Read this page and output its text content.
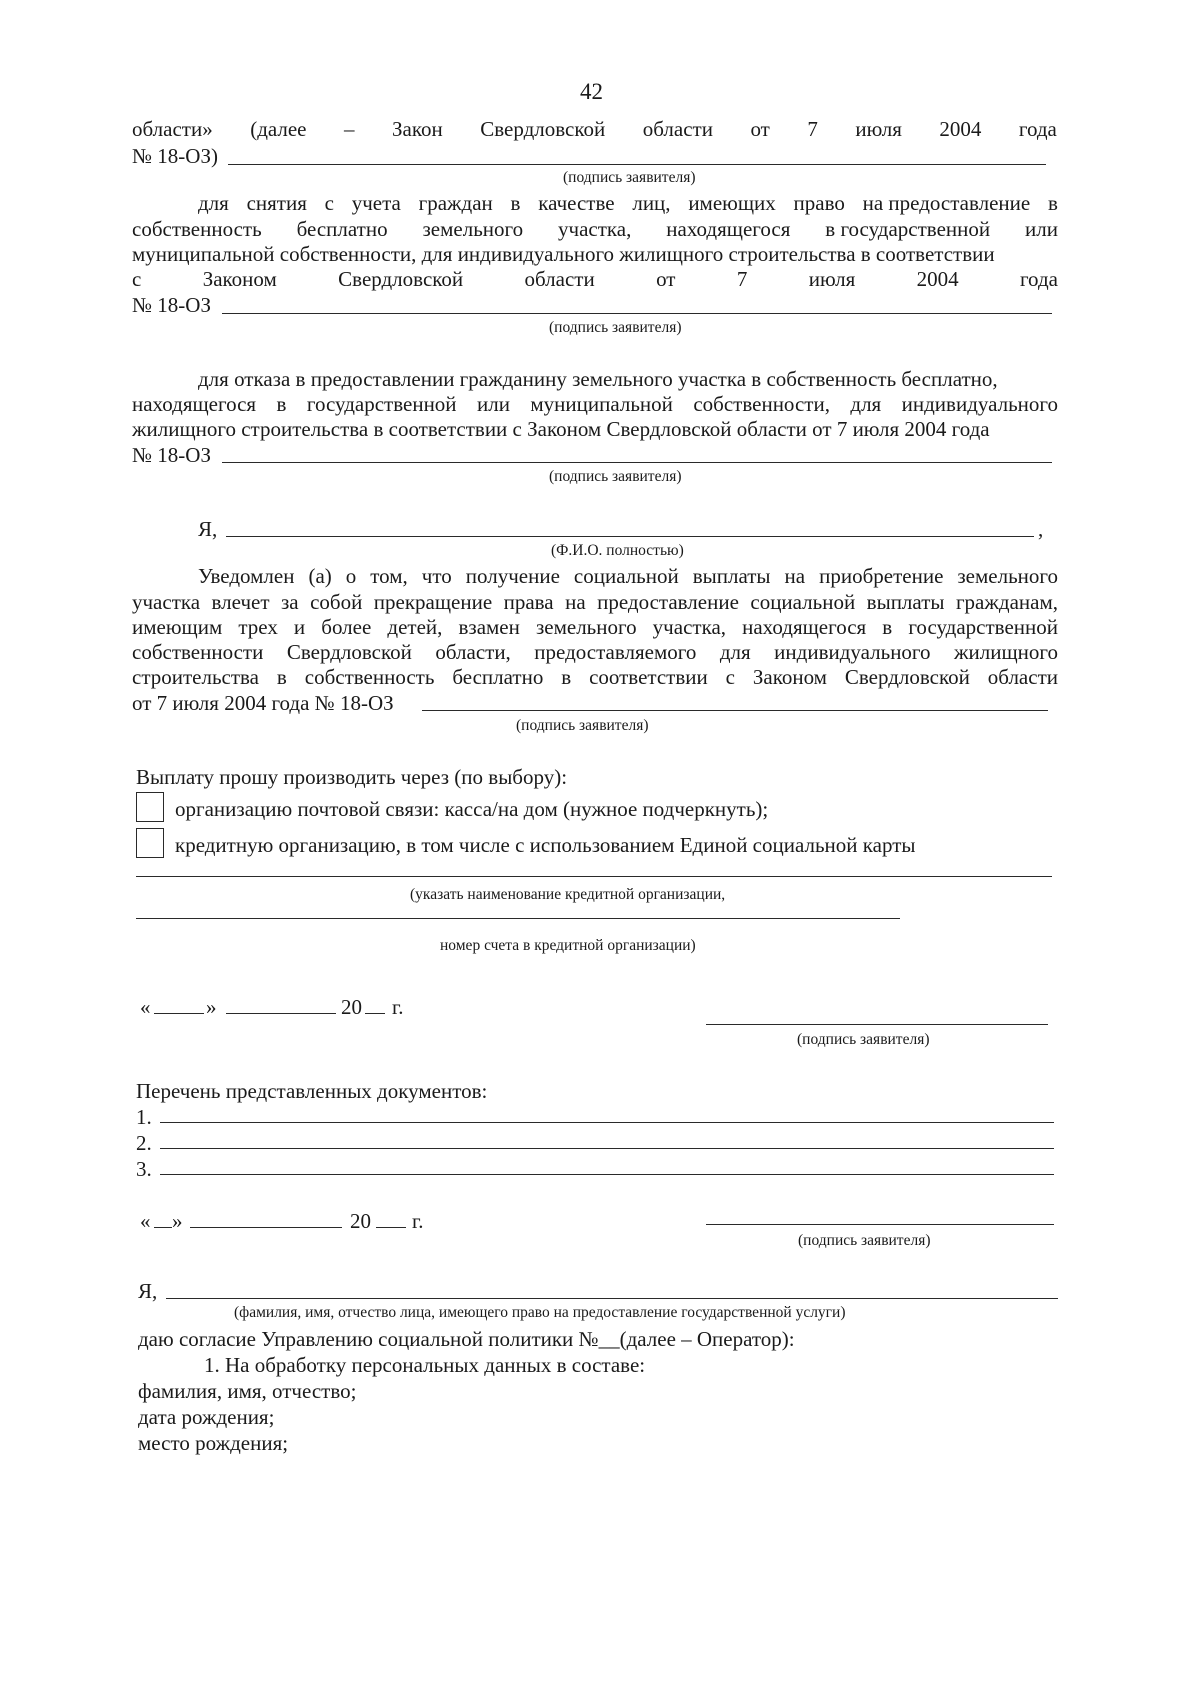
42
области» (далее – Закон Свердловской области от 7 июля 2004 года
№ 18-ОЗ)
(подпись заявителя)
для снятия с учета граждан в качестве лиц, имеющих право на предоставление в
собственность бесплатно земельного участка, находящегося в государственной или
муниципальной собственности, для индивидуального жилищного строительства в соответствии
с	Законом	Свердловской	области	от	7	июля	2004	года
№ 18-ОЗ
(подпись заявителя)
для отказа в предоставлении гражданину земельного участка в собственность бесплатно,
находящегося в государственной или муниципальной собственности, для индивидуального
жилищного строительства в соответствии с Законом Свердловской области от 7 июля 2004 года
№ 18-ОЗ
(подпись заявителя)
Я,	,
(Ф.И.О. полностью)
Уведомлен (а) о том, что получение социальной выплаты на приобретение земельного
участка влечет за собой прекращение права на предоставление социальной выплаты гражданам,
имеющим трех и более детей, взамен земельного участка, находящегося в государственной
собственности Свердловской области, предоставляемого для индивидуального жилищного
строительства в собственность бесплатно в соответствии с Законом Свердловской области
от 7 июля 2004 года № 18-ОЗ
(подпись заявителя)
Выплату прошу производить через (по выбору):
организацию почтовой связи: касса/на дом (нужное подчеркнуть);
кредитную организацию, в том числе с использованием Единой социальной карты
(указать наименование кредитной организации,
номер счета в кредитной организации)
«	»	20 г.
(подпись заявителя)
Перечень представленных документов:
1.
2.
3.
« »	20 г.
(подпись заявителя)
Я,
(фамилия, имя, отчество лица, имеющего право на предоставление государственной услуги)
даю согласие Управлению социальной политики №__(далее – Оператор):
1. На обработку персональных данных в составе:
фамилия, имя, отчество;
дата рождения;
место рождения;
